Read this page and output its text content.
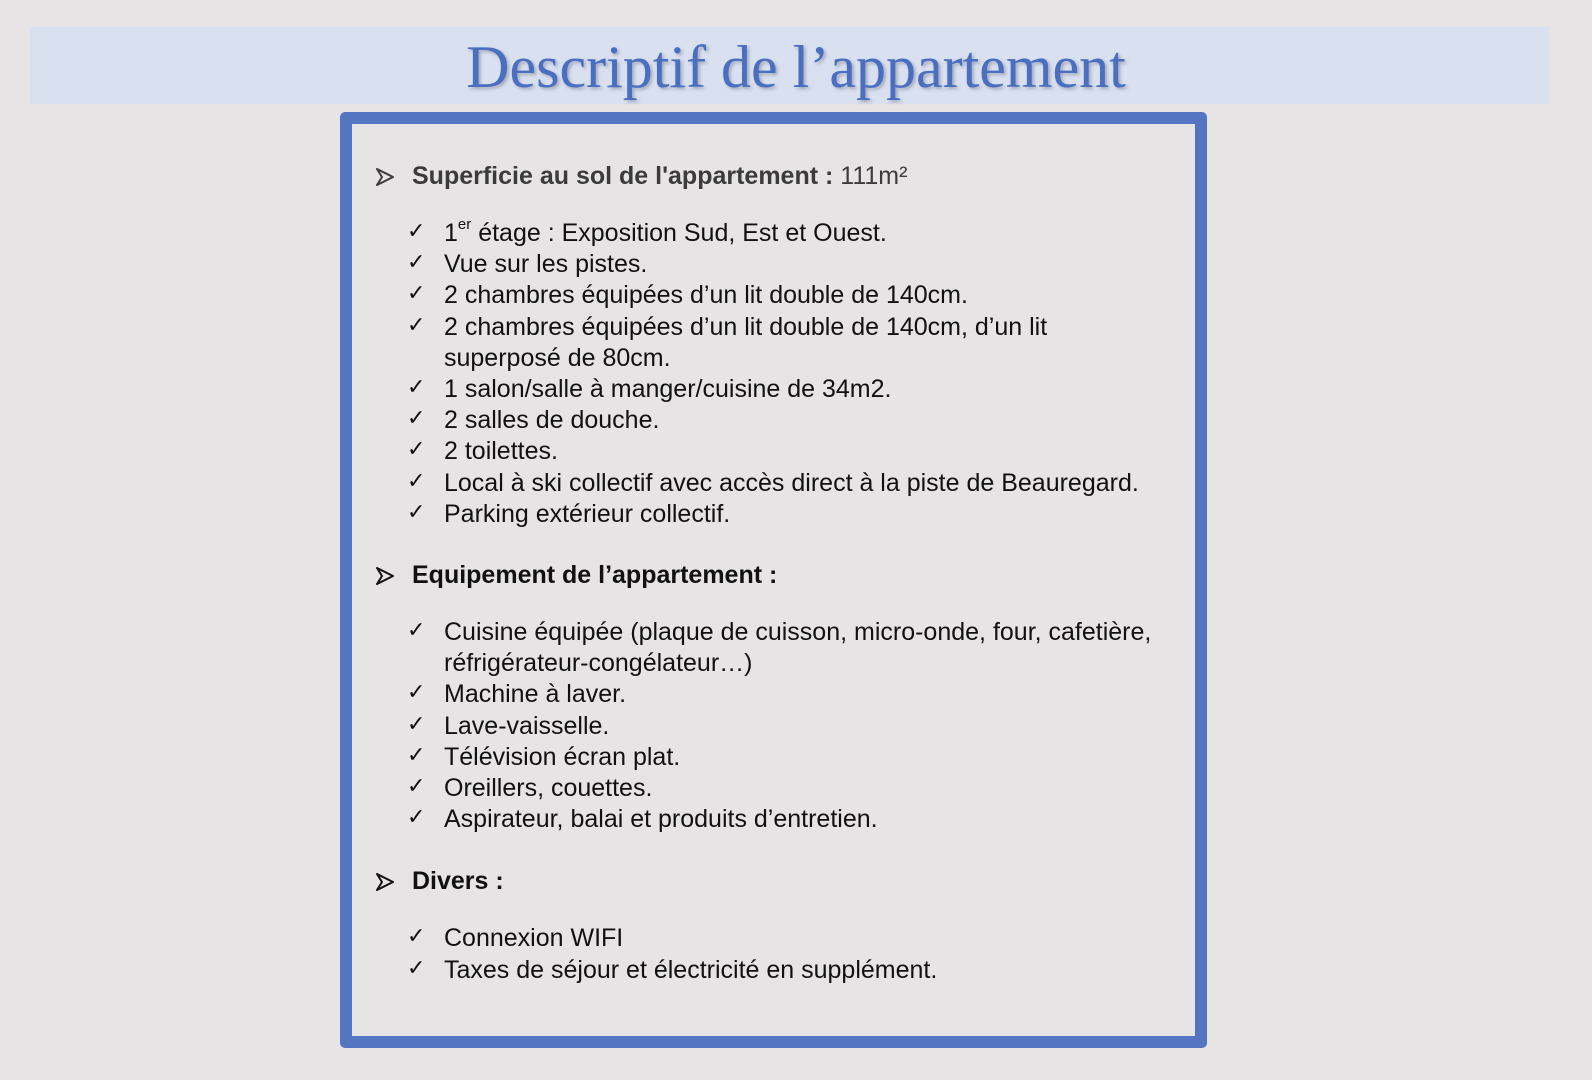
Descriptif de l’appartement
Superficie au sol de l'appartement : 111m²
✓ 1er étage : Exposition Sud, Est et Ouest.
✓ Vue sur les pistes.
✓ 2 chambres équipées d’un lit double de 140cm.
✓ 2 chambres équipées d’un lit double de 140cm, d’un lit superposé de 80cm.
✓ 1 salon/salle à manger/cuisine de 34m2.
✓ 2 salles de douche.
✓ 2 toilettes.
✓ Local à ski collectif avec accès direct à la piste de Beauregard.
✓ Parking extérieur collectif.
Equipement de l’appartement :
✓ Cuisine équipée (plaque de cuisson, micro-onde, four, cafetière, réfrigérateur-congélateur…)
✓ Machine à laver.
✓ Lave-vaisselle.
✓ Télévision écran plat.
✓ Oreillers, couettes.
✓ Aspirateur, balai et produits d’entretien.
Divers :
✓ Connexion WIFI
✓ Taxes de séjour et électricité en supplément.
